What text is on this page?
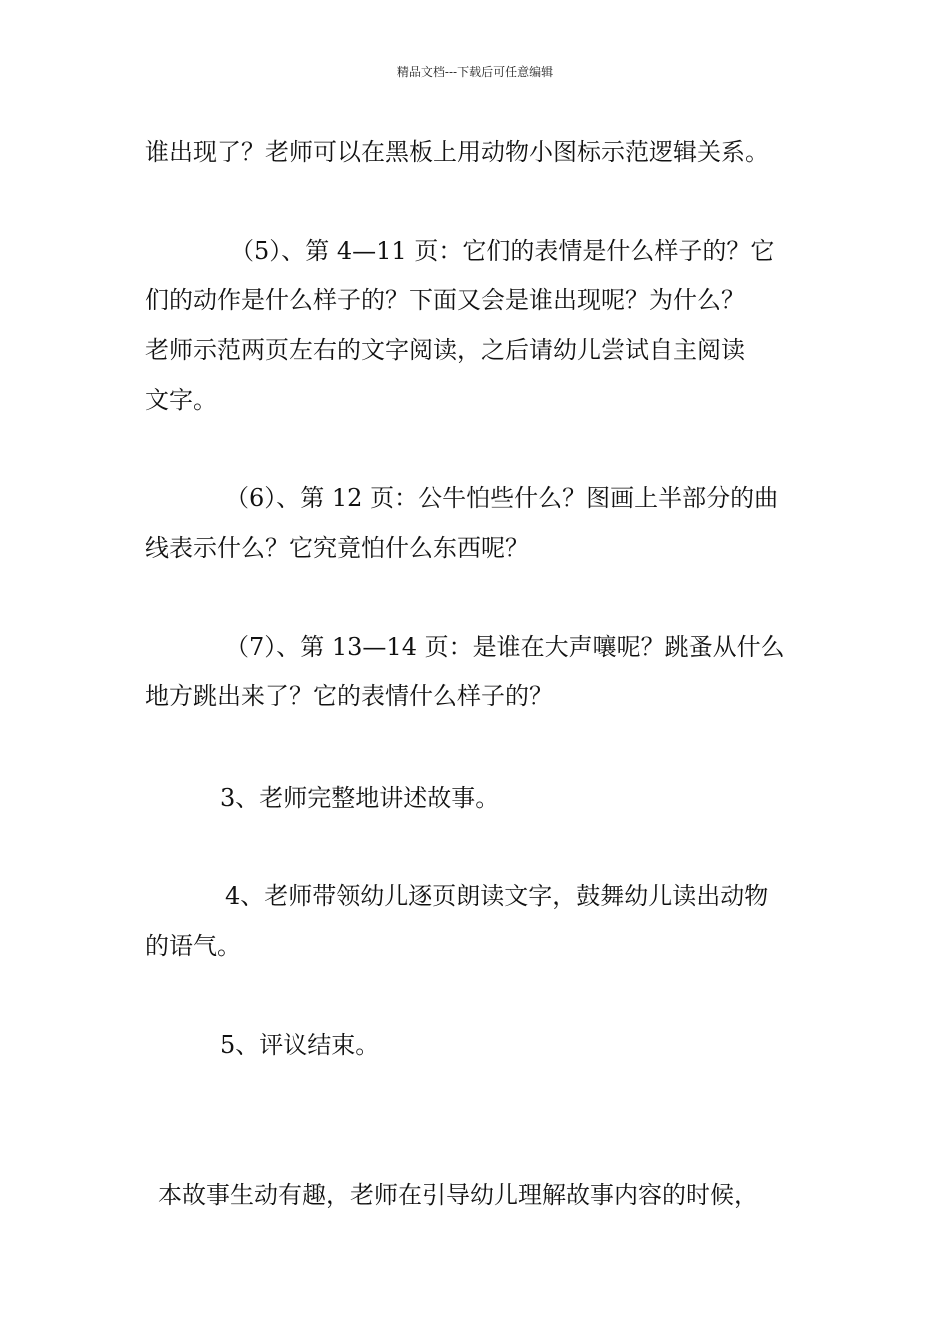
精品文档---下载后可任意编辑
谁出现了？老师可以在黑板上用动物小图标示范逻辑关系。
（5）、第 4—11 页：它们的表情是什么样子的？它
们的动作是什么样子的？下面又会是谁出现呢？为什么？
老师示范两页左右的文字阅读，之后请幼儿尝试自主阅读
文字。
（6）、第 12 页：公牛怕些什么？图画上半部分的曲
线表示什么？它究竟怕什么东西呢？
（7）、第 13—14 页：是谁在大声嚷呢？跳蚤从什么
地方跳出来了？它的表情什么样子的？
3、老师完整地讲述故事。
4、老师带领幼儿逐页朗读文字，鼓舞幼儿读出动物
的语气。
5、评议结束。
本故事生动有趣，老师在引导幼儿理解故事内容的时候，
